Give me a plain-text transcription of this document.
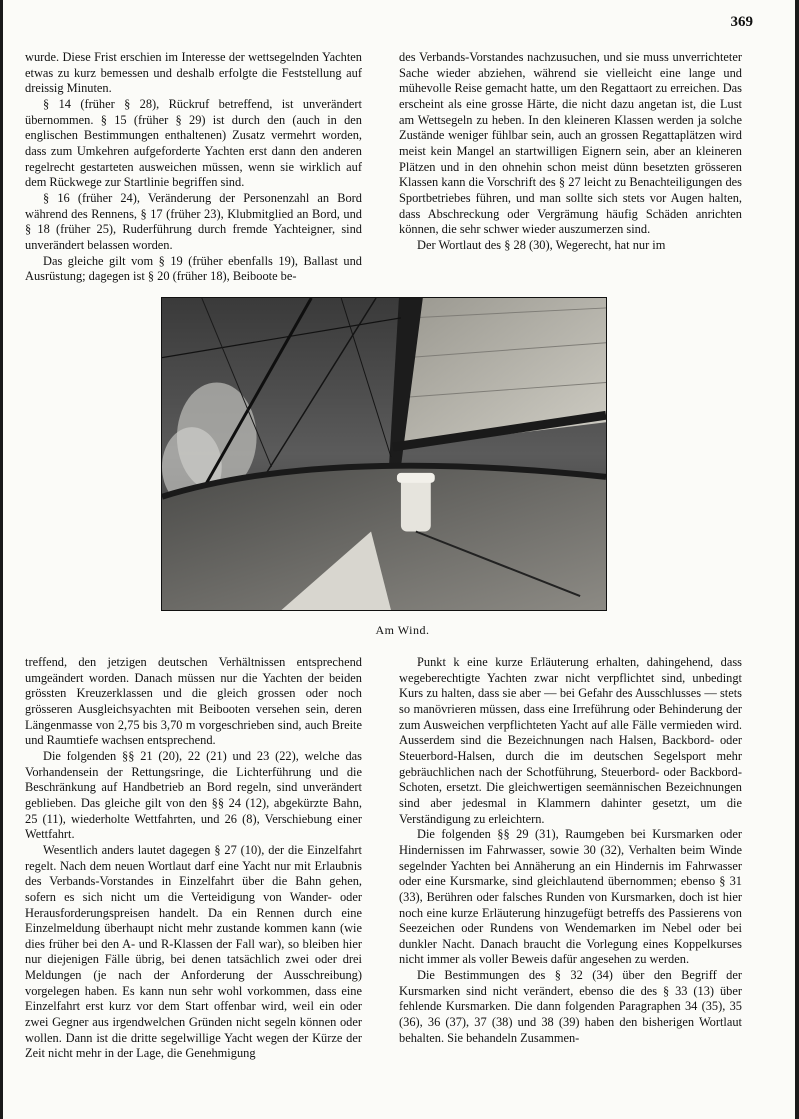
369

wurde. Diese Frist erschien im Interesse der wettsegelnden Yachten etwas zu kurz bemessen und deshalb erfolgte die Feststellung auf dreissig Minuten.

§ 14 (früher § 28), Rückruf betreffend, ist unverändert übernommen. § 15 (früher § 29) ist durch den (auch in den englischen Bestimmungen enthaltenen) Zusatz vermehrt worden, dass zum Umkehren aufgeforderte Yachten erst dann den anderen regelrecht gestarteten ausweichen müssen, wenn sie wirklich auf dem Rückwege zur Startlinie begriffen sind.

§ 16 (früher 24), Veränderung der Personenzahl an Bord während des Rennens, § 17 (früher 23), Klubmitglied an Bord, und § 18 (früher 25), Ruderführung durch fremde Yachteigner, sind unverändert belassen worden.

Das gleiche gilt vom § 19 (früher ebenfalls 19), Ballast und Ausrüstung; dagegen ist § 20 (früher 18), Beiboote be-

des Verbands-Vorstandes nachzusuchen, und sie muss unverrichteter Sache wieder abziehen, während sie vielleicht eine lange und mühevolle Reise gemacht hatte, um den Regattaort zu erreichen. Das erscheint als eine grosse Härte, die nicht dazu angetan ist, die Lust am Wettsegeln zu heben. In den kleineren Klassen werden ja solche Zustände weniger fühlbar sein, auch an grossen Regattaplätzen wird meist kein Mangel an startwilligen Eignern sein, aber an kleineren Plätzen und in den ohnehin schon meist dünn besetzten grösseren Klassen kann die Vorschrift des § 27 leicht zu Benachteiligungen des Sportbetriebes führen, und man sollte sich stets vor Augen halten, dass Abschreckung oder Vergrämung häufig Schäden anrichten können, die sehr schwer wieder auszumerzen sind.

Der Wortlaut des § 28 (30), Wegerecht, hat nur im

Am Wind.

treffend, den jetzigen deutschen Verhältnissen entsprechend umgeändert worden. Danach müssen nur die Yachten der beiden grössten Kreuzerklassen und die gleich grossen oder noch grösseren Ausgleichsyachten mit Beibooten versehen sein, deren Längenmasse von 2,75 bis 3,70 m vorgeschrieben sind, auch Breite und Raumtiefe wachsen entsprechend.

Die folgenden §§ 21 (20), 22 (21) und 23 (22), welche das Vorhandensein der Rettungsringe, die Lichterführung und die Beschränkung auf Handbetrieb an Bord regeln, sind unverändert geblieben. Das gleiche gilt von den §§ 24 (12), abgekürzte Bahn, 25 (11), wiederholte Wettfahrten, und 26 (8), Verschiebung einer Wettfahrt.

Wesentlich anders lautet dagegen § 27 (10), der die Einzelfahrt regelt. Nach dem neuen Wortlaut darf eine Yacht nur mit Erlaubnis des Verbands-Vorstandes in Einzelfahrt über die Bahn gehen, sofern es sich nicht um die Verteidigung von Wander- oder Herausforderungspreisen handelt. Da ein Rennen durch eine Einzelmeldung überhaupt nicht mehr zustande kommen kann (wie dies früher bei den A- und R-Klassen der Fall war), so bleiben hier nur diejenigen Fälle übrig, bei denen tatsächlich zwei oder drei Meldungen (je nach der Anforderung der Ausschreibung) vorgelegen haben. Es kann nun sehr wohl vorkommen, dass eine Einzelfahrt erst kurz vor dem Start offenbar wird, weil ein oder zwei Gegner aus irgendwelchen Gründen nicht segeln können oder wollen. Dann ist die dritte segelwillige Yacht wegen der Kürze der Zeit nicht mehr in der Lage, die Genehmigung

Punkt k eine kurze Erläuterung erhalten, dahingehend, dass wegeberechtigte Yachten zwar nicht verpflichtet sind, unbedingt Kurs zu halten, dass sie aber — bei Gefahr des Ausschlusses — stets so manövrieren müssen, dass eine Irreführung oder Behinderung der zum Ausweichen verpflichteten Yacht auf alle Fälle vermieden wird. Ausserdem sind die Bezeichnungen nach Halsen, Backbord- oder Steuerbord-Halsen, durch die im deutschen Segelsport mehr gebräuchlichen nach der Schotführung, Steuerbord- oder Backbord-Schoten, ersetzt. Die gleichwertigen seemännischen Bezeichnungen sind aber jedesmal in Klammern dahinter gesetzt, um die Verständigung zu erleichtern.

Die folgenden §§ 29 (31), Raumgeben bei Kursmarken oder Hindernissen im Fahrwasser, sowie 30 (32), Verhalten beim Winde segelnder Yachten bei Annäherung an ein Hindernis im Fahrwasser oder eine Kursmarke, sind gleichlautend übernommen; ebenso § 31 (33), Berühren oder falsches Runden von Kursmarken, doch ist hier noch eine kurze Erläuterung hinzugefügt betreffs des Passierens von Seezeichen oder Rundens von Wendemarken im Nebel oder bei dunkler Nacht. Danach braucht die Vorlegung eines Koppelkurses nicht immer als voller Beweis dafür angesehen zu werden.

Die Bestimmungen des § 32 (34) über den Begriff der Kursmarken sind nicht verändert, ebenso die des § 33 (13) über fehlende Kursmarken. Die dann folgenden Paragraphen 34 (35), 35 (36), 36 (37), 37 (38) und 38 (39) haben den bisherigen Wortlaut behalten. Sie behandeln Zusammen-
